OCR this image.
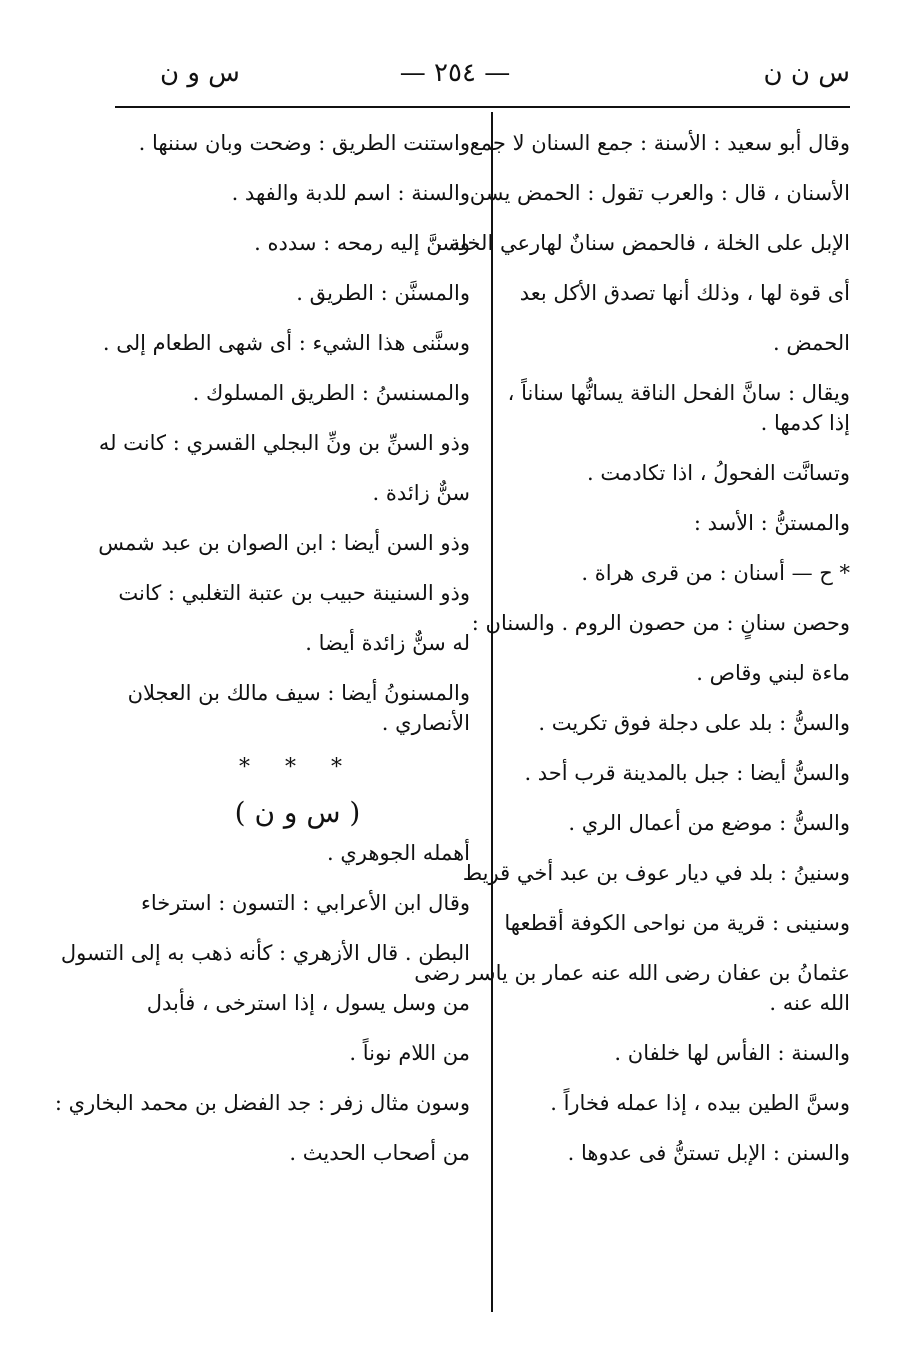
س ن ن
— ٢٥٤ —
س و ن
وقال أبو سعيد : الأسنة : جمع السنان لا جمع
الأسنان ، قال : والعرب تقول : الحمض يسن
الإبل على الخلة ، فالحمض سنانٌ لهارعي الخلة ،
أى قوة لها ، وذلك أنها تصدق الأكل بعد
الحمض .
ويقال : سانَّ الفحل الناقة يسانُّها سناناً ،
إذا كدمها .
وتسانَّت الفحولُ ، اذا تكادمت .
والمستنُّ : الأسد :
* ح — أسنان : من قرى هراة .
وحصن سنانٍ : من حصون الروم . والسنان :
ماءة لبني وقاص .
والسنُّ : بلد على دجلة فوق تكريت .
والسنُّ أيضا : جبل بالمدينة قرب أحد .
والسنُّ : موضع من أعمال الري .
وسنينُ : بلد في ديار عوف بن عبد أخي قريط
وسنينى : قرية من نواحى الكوفة أقطعها
عثمانُ بن عفان رضى الله عنه عمار بن ياسر رضى
الله عنه .
والسنة : الفأس لها خلفان .
وسنَّ الطين بيده ، إذا عمله فخاراً .
والسنن : الإبل تستنُّ فى عدوها .
واستنت الطريق : وضحت وبان سننها .
والسنة : اسم للدبة والفهد .
وسنَّ إليه رمحه : سدده .
والمسنَّن : الطريق .
وسنَّنى هذا الشيء : أى شهى الطعام إلى .
والمسنسنُ : الطريق المسلوك .
وذو السنِّ بن ونِّ البجلي القسري : كانت له
سنٌّ زائدة .
وذو السن أيضا : ابن الصوان بن عبد شمس
وذو السنينة حبيب بن عتبة التغلبي : كانت
له سنٌّ زائدة أيضا .
والمسنونُ أيضا : سيف مالك بن العجلان
الأنصاري .
* * *
( س و ن )
أهمله الجوهري .
وقال ابن الأعرابي : التسون : استرخاء
البطن . قال الأزهري : كأنه ذهب به إلى التسول
من وسل يسول ، إذا استرخى ، فأبدل
من اللام نوناً .
وسون مثال زفر : جد الفضل بن محمد البخاري :
من أصحاب الحديث .
